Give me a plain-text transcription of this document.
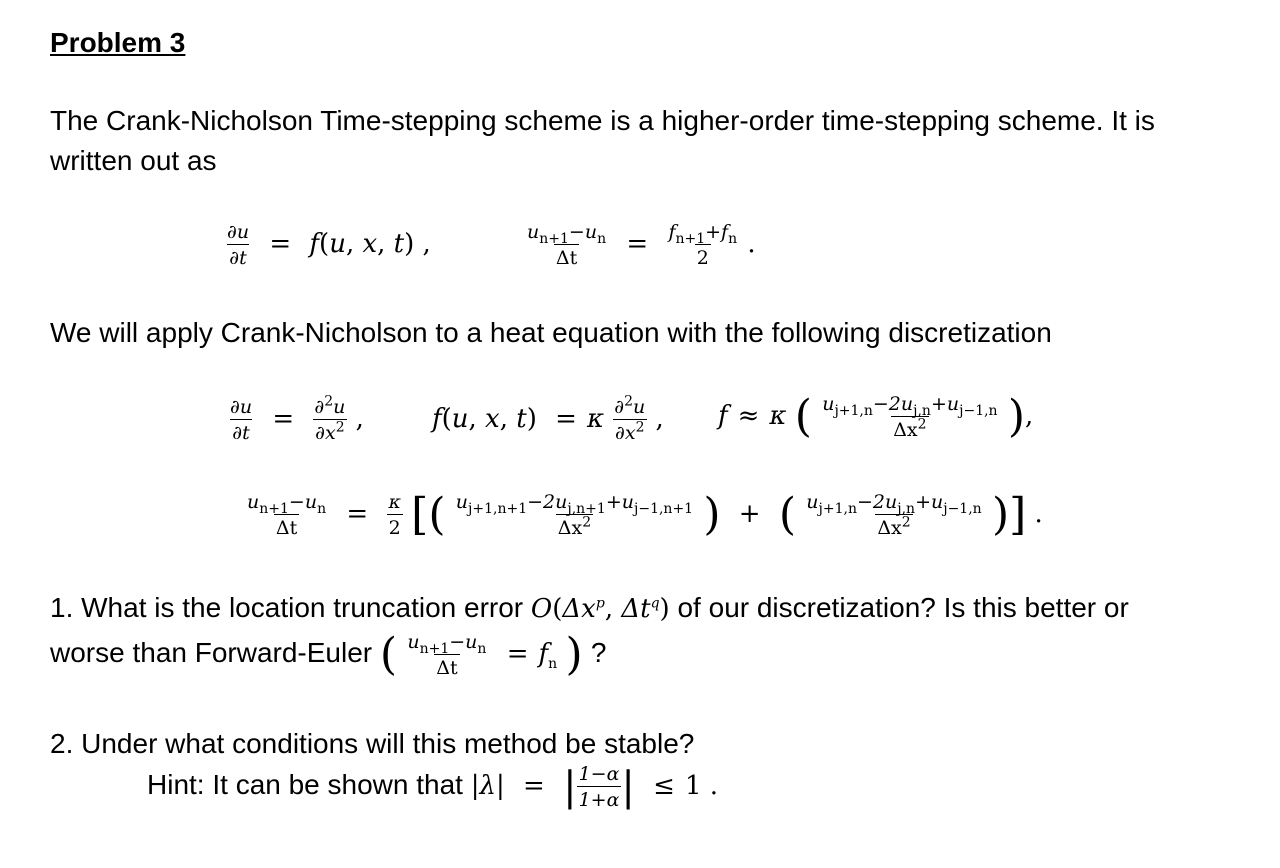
Problem 3
The Crank-Nicholson Time-stepping scheme is a higher-order time-stepping scheme. It is
written out as
$\frac{\partial u}{\partial t} = f(u$, x, t) ,	$\frac{u_{n+1}-u_n}{\Delta t} = \frac{f_{n+1}+f_n}{2}$ .
We will apply Crank-Nicholson to a heat equation with the following discretization
$\frac{\partial u}{\partial t} = \frac{\partial^2u}{\partial x^2}$ ,	f(u, x, t) = κ $\frac{\partial^2u}{\partial x^2}$ , f ≈ κ ( $\frac{u_{j+1,n}-2u_{j,n}+u_{j-1,n}}{\Delta x^2}$ ),
$\frac{u_{n+1}-u_n}{\Delta t} = \frac{\kappa}{2}$ [( $\frac{u_{j+1,n+1}-2u_{j,n+1}+u_{j-1,n+1}}{\Delta x^2}$ ) + ( $\frac{u_{j+1,n}-2u_{j,n}+u_{j-1,n}}{\Delta x^2}$ )] .
1. What is the location truncation error $O(\Delta x^p$, $\Delta t^q$) of our discretization? Is this better or
worse than Forward-Euler ( $\frac{u_{n+1}-u_n}{\Delta t} = f_n$ ) ?
2. Under what conditions will this method be stable?
Hint: It can be shown that |λ| = | $\frac{1-\alpha}{1+\alpha}$ | ≤ 1 .
